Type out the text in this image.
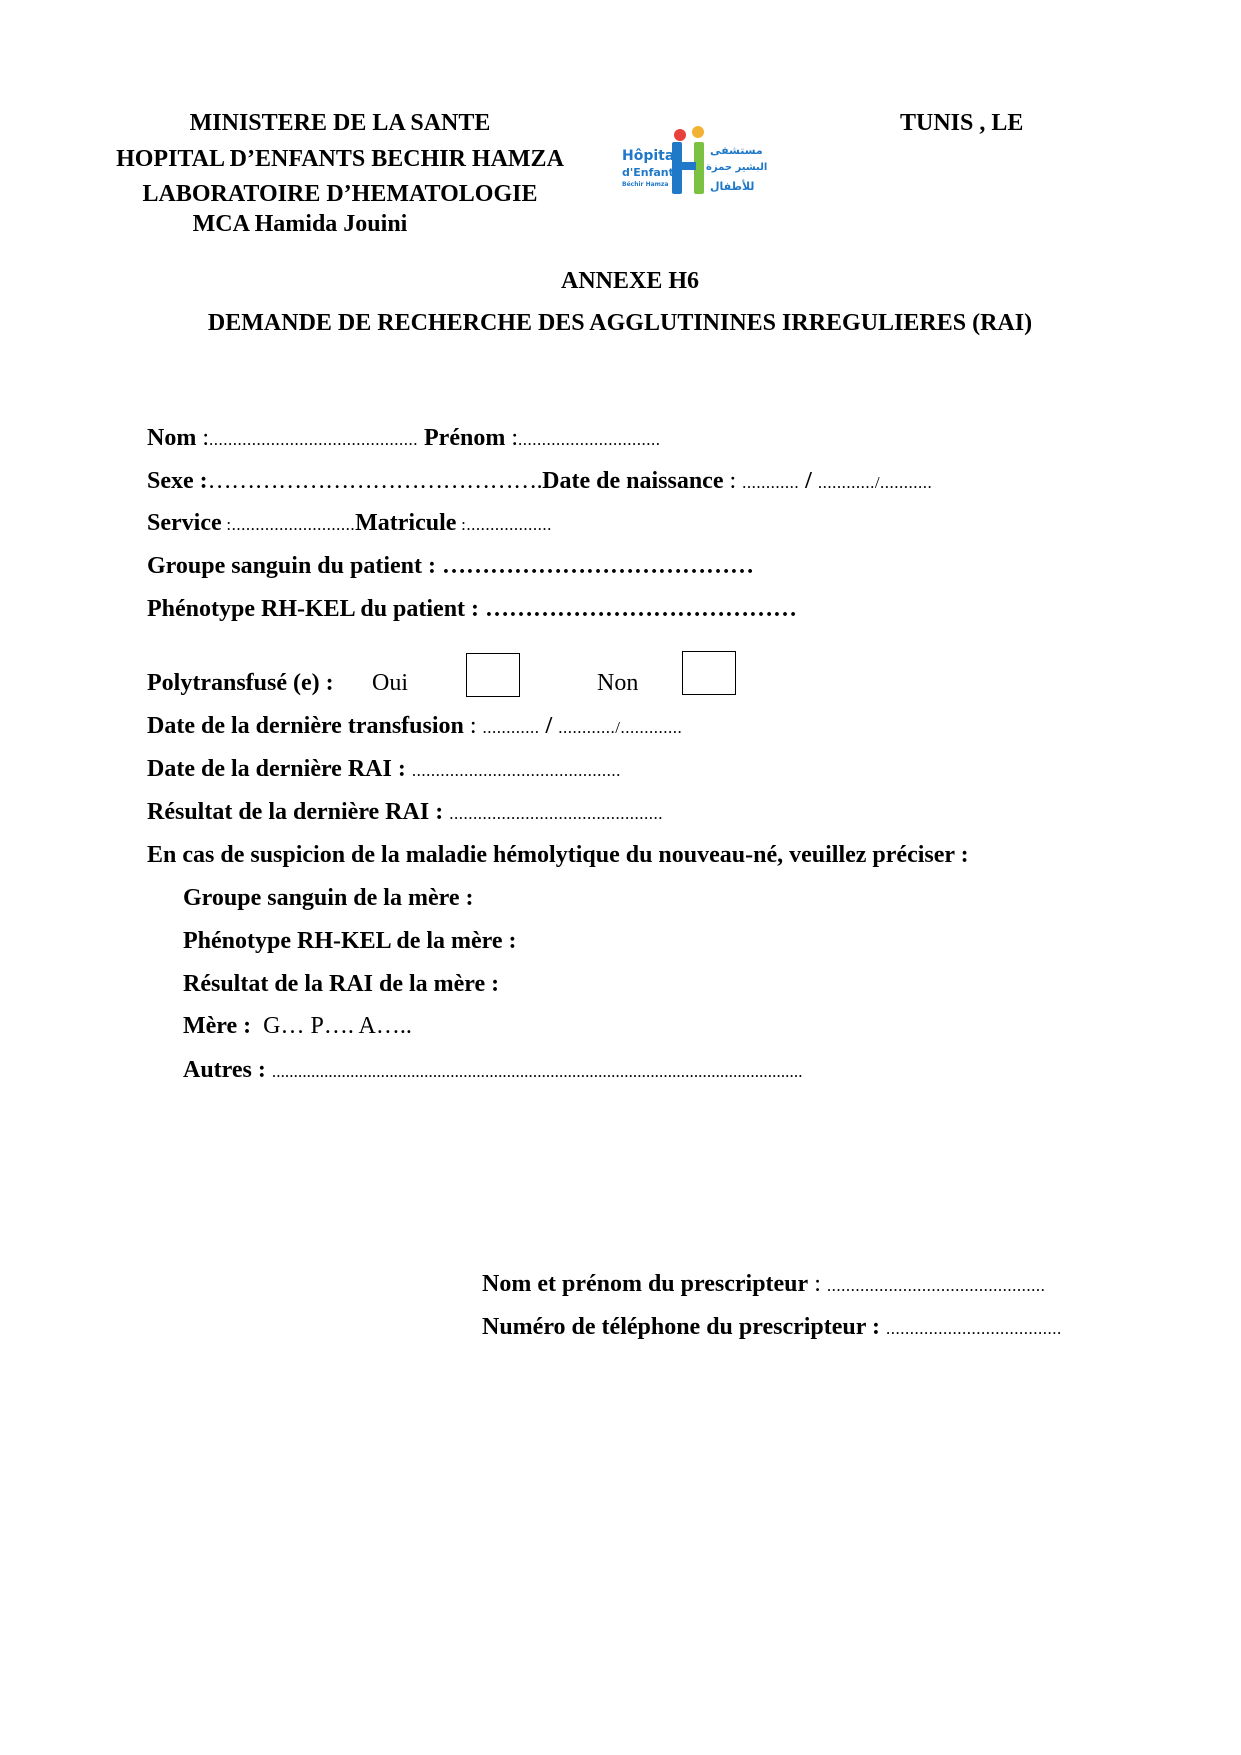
MINISTERE DE LA SANTE
HOPITAL D’ENFANTS BECHIR HAMZA
LABORATOIRE D’HEMATOLOGIE
MCA Hamida Jouini
TUNIS , LE
Hôpital
d'Enfants
Béchir Hamza
مستشفى
البشير حمزة
للأطفال
ANNEXE H6
DEMANDE DE RECHERCHE DES AGGLUTININES IRREGULIERES (RAI)
Nom :............................................ Prénom :..............................
Sexe :…………………………………….Date de naissance : ............ / ............/...........
Service :..........................Matricule :..................
Groupe sanguin du patient : …………………………………
Phénotype RH-KEL du patient : …………………………………
Polytransfusé (e) : Oui	Non
Date de la dernière transfusion : ............ / ............/.............
Date de la dernière RAI : ............................................
Résultat de la dernière RAI : .............................................
En cas de suspicion de la maladie hémolytique du nouveau-né, veuillez préciser :
Groupe sanguin de la mère :
Phénotype RH-KEL de la mère :
Résultat de la RAI de la mère :
Mère : G… P…. A…..
Autres : ..........................................................................................................................
Nom et prénom du prescripteur : ..............................................
Numéro de téléphone du prescripteur : .....................................
